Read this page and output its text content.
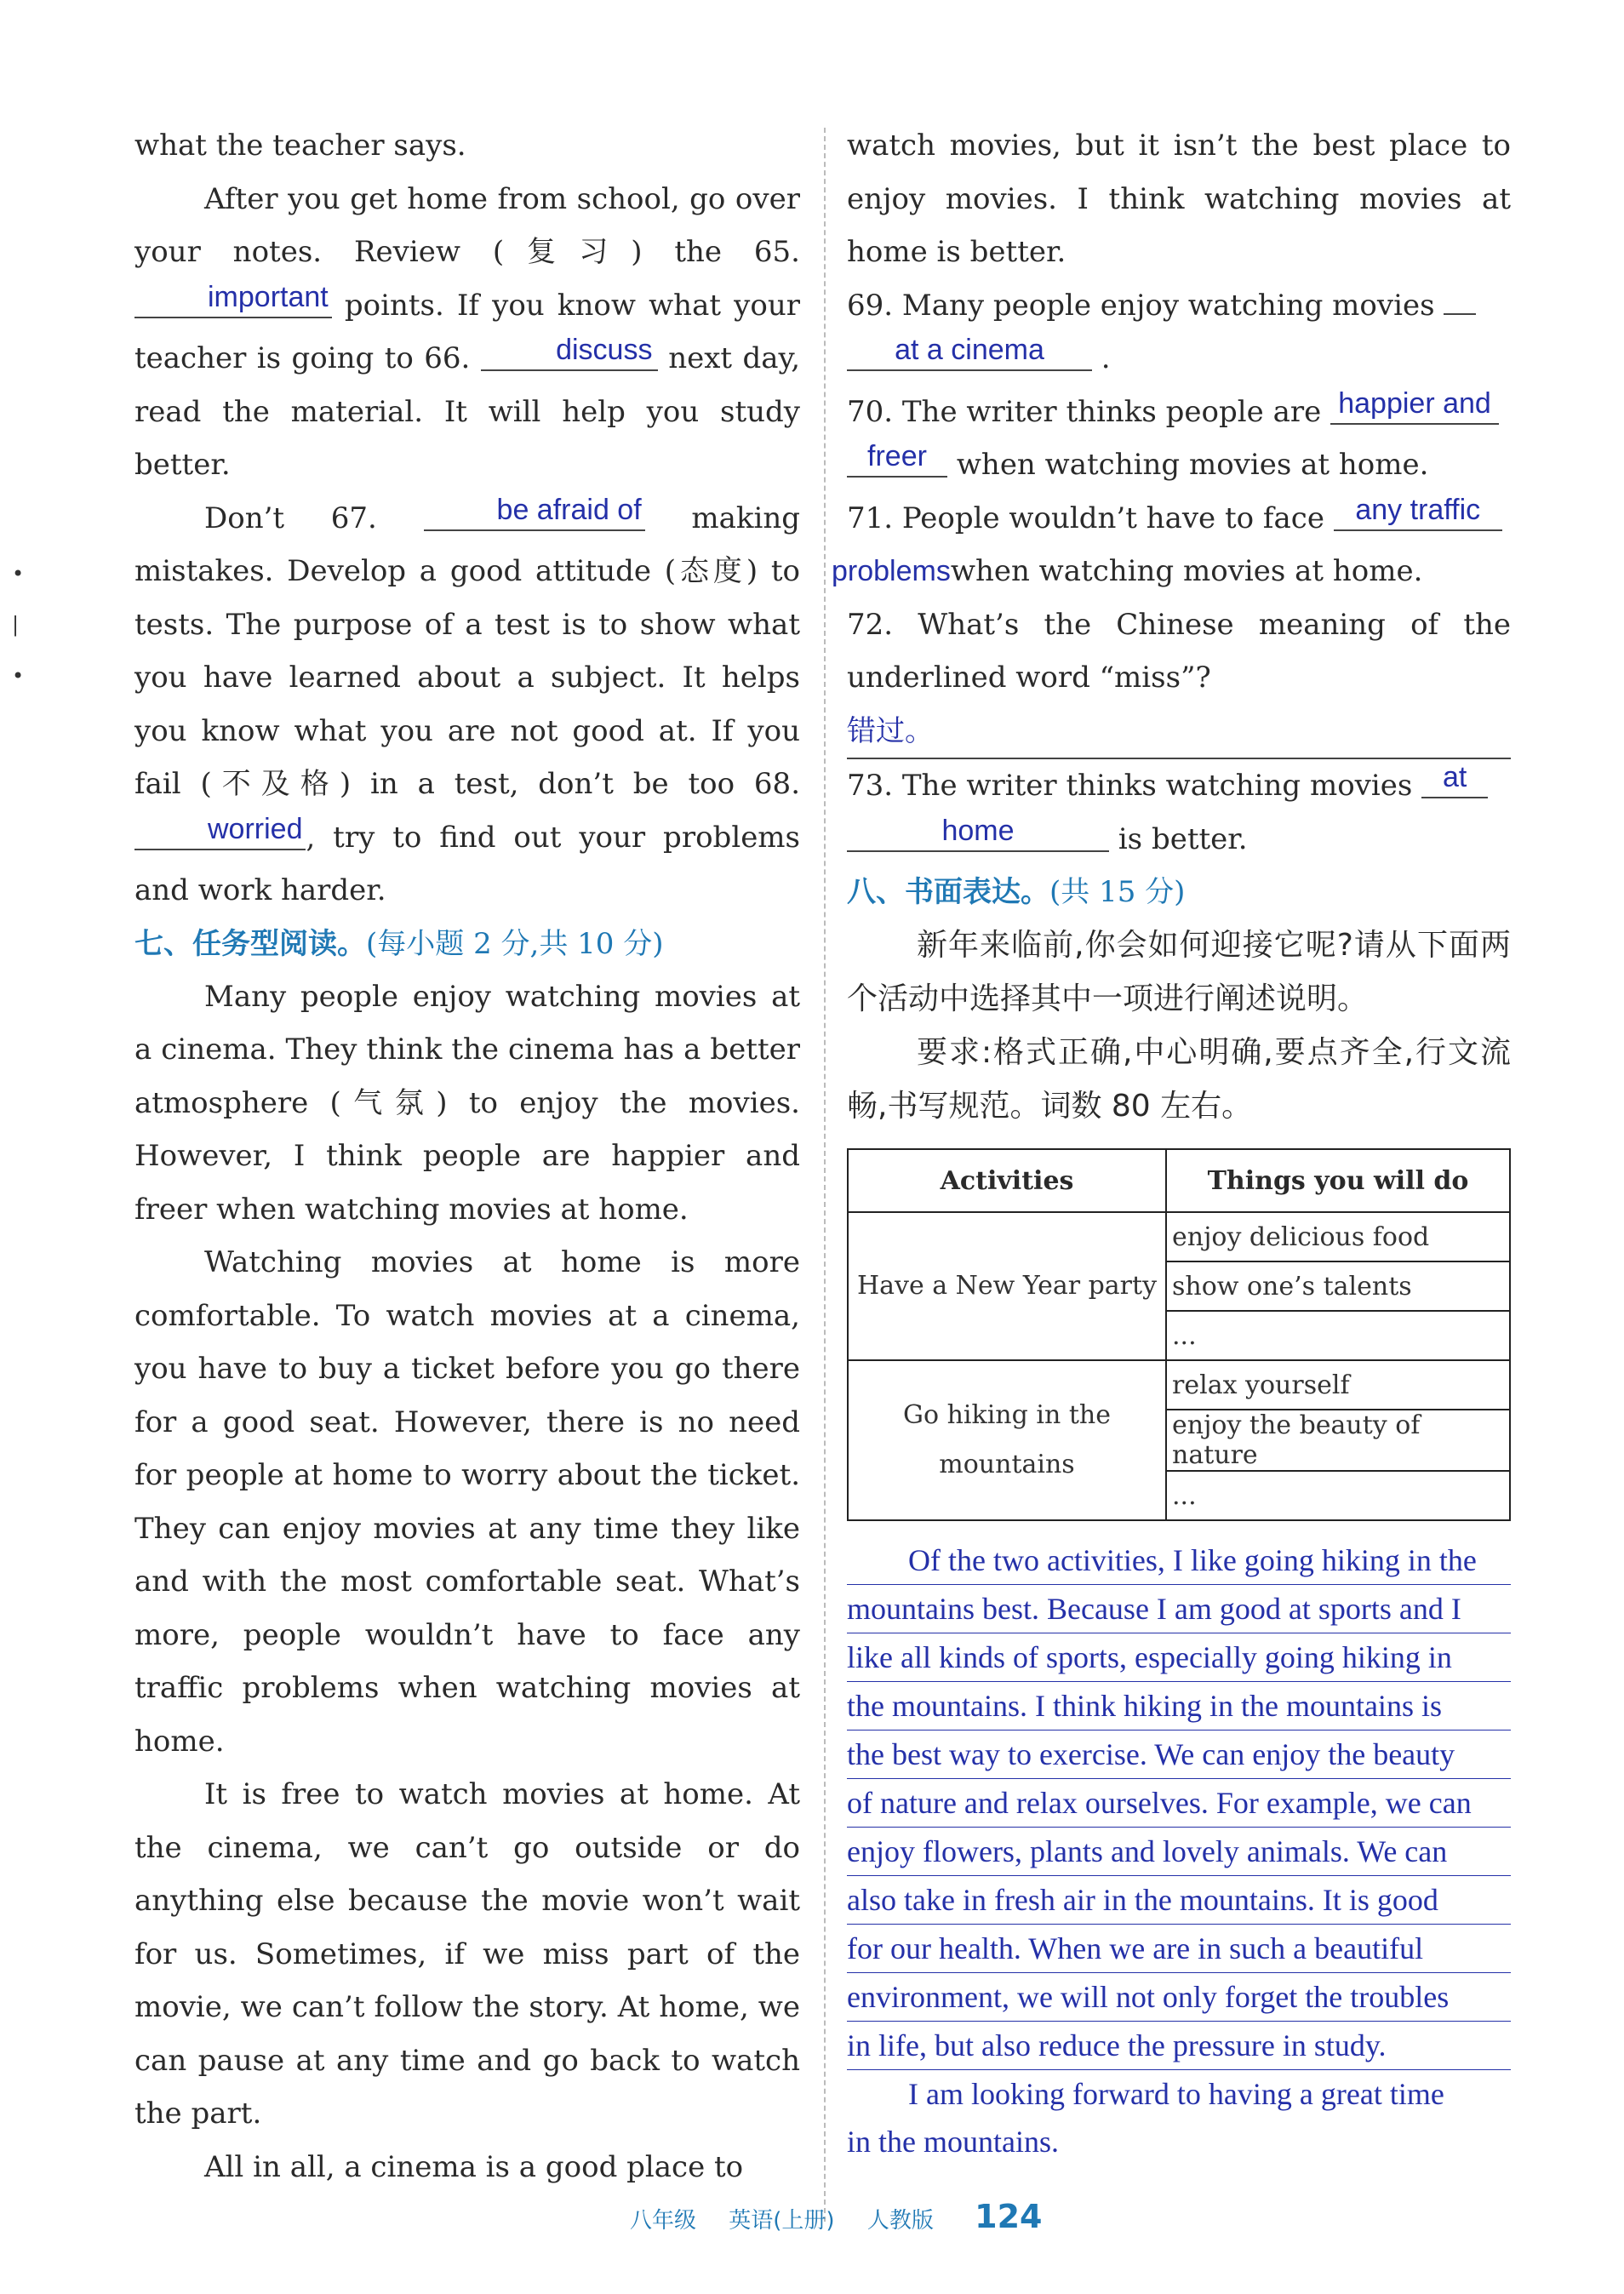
what the teacher says.

After you get home from school, go over your notes. Review (复习) the 65. important points. If you know what your teacher is going to 66.	discuss next day, read the material. It will help you study better.

Don’t 67.	be afraid of making mistakes. Develop a good attitude (态度) to tests. The purpose of a test is to show what you have learned about a subject. It helps you know what you are not good at. If you fail (不及格) in a test, don’t be too 68. worried , try to find out your problems and work harder.

七、任务型阅读。(每小题 2 分,共 10 分)

Many people enjoy watching movies at a cinema. They think the cinema has a better atmosphere (气氛) to enjoy the movies. However, I think people are happier and freer when watching movies at home.

Watching movies at home is more comfortable. To watch movies at a cinema, you have to buy a ticket before you go there for a good seat. However, there is no need for people at home to worry about the ticket. They can enjoy movies at any time they like and with the most comfortable seat. What’s more, people wouldn’t have to face any traffic problems when watching movies at home.

It is free to watch movies at home. At the cinema, we can’t go outside or do anything else because the movie won’t wait for us. Sometimes, if we miss part of the movie, we can’t follow the story. At home, we can pause at any time and go back to watch the part.

All in all, a cinema is a good place to

watch movies, but it isn’t the best place to enjoy movies. I think watching movies at home is better.

69. Many people enjoy watching movies
at a cinema .
70. The writer thinks people are happier and
freer when watching movies at home.
71. People wouldn’t have to face any traffic
problemswhen watching movies at home.
72. What’s the Chinese meaning of the underlined word “miss”?
错过。
73. The writer thinks watching movies at
home	is better.
八、书面表达。(共 15 分)

新年来临前,你会如何迎接它呢?请从下面两个活动中选择其中一项进行阐述说明。

要求:格式正确,中心明确,要点齐全,行文流畅,书写规范。词数 80 左右。

Activities	Things you will do
Have a New Year party	enjoy delicious food
	show one’s talents
	...
Go hiking in the mountains	relax yourself
	enjoy the beauty of nature
	...
Of the two activities, I like going hiking in the
mountains best. Because I am good at sports and I
like all kinds of sports, especially going hiking in
the mountains. I think hiking in the mountains is
the best way to exercise. We can enjoy the beauty
of nature and relax ourselves. For example, we can
enjoy flowers, plants and lovely animals. We can
also take in fresh air in the mountains. It is good
for our health. When we are in such a beautiful
environment, we will not only forget the troubles
in life, but also reduce the pressure in study.
I am looking forward to having a great time
in the mountains.
•
|
•
八年级 英语(上册) 人教版 124
